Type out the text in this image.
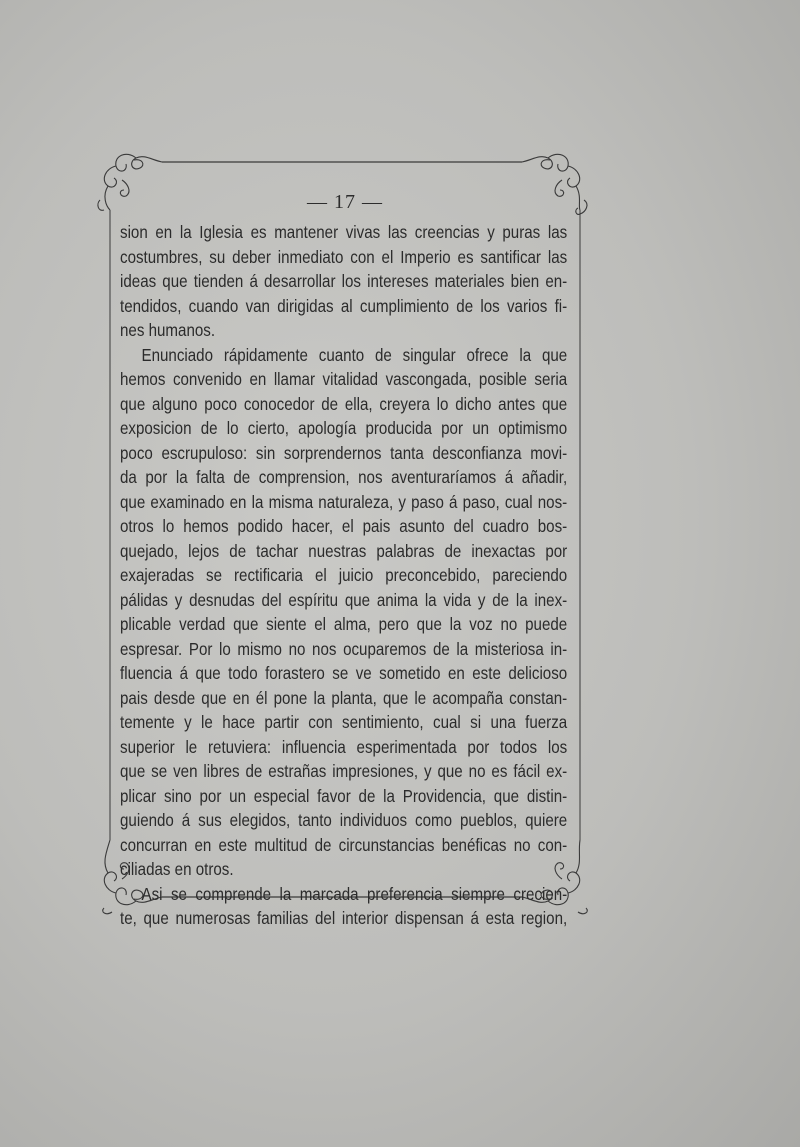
— 17 —
sion en la Iglesia es mantener vivas las creencias y puras las
costumbres, su deber inmediato con el Imperio es santificar las
ideas que tienden á desarrollar los intereses materiales bien en-
tendidos, cuando van dirigidas al cumplimiento de los varios fi-
nes humanos.
Enunciado rápidamente cuanto de singular ofrece la que
hemos convenido en llamar vitalidad vascongada, posible seria
que alguno poco conocedor de ella, creyera lo dicho antes que
exposicion de lo cierto, apología producida por un optimismo
poco escrupuloso: sin sorprendernos tanta desconfianza movi-
da por la falta de comprension, nos aventuraríamos á añadir,
que examinado en la misma naturaleza, y paso á paso, cual nos-
otros lo hemos podido hacer, el pais asunto del cuadro bos-
quejado, lejos de tachar nuestras palabras de inexactas por
exajeradas se rectificaria el juicio preconcebido, pareciendo
pálidas y desnudas del espíritu que anima la vida y de la inex-
plicable verdad que siente el alma, pero que la voz no puede
espresar. Por lo mismo no nos ocuparemos de la misteriosa in-
fluencia á que todo forastero se ve sometido en este delicioso
pais desde que en él pone la planta, que le acompaña constan-
temente y le hace partir con sentimiento, cual si una fuerza
superior le retuviera: influencia esperimentada por todos los
que se ven libres de estrañas impresiones, y que no es fácil ex-
plicar sino por un especial favor de la Providencia, que distin-
guiendo á sus elegidos, tanto individuos como pueblos, quiere
concurran en este multitud de circunstancias benéficas no con-
ciliadas en otros.
Asi se comprende la marcada preferencia siempre crecien-
te, que numerosas familias del interior dispensan á esta region,
